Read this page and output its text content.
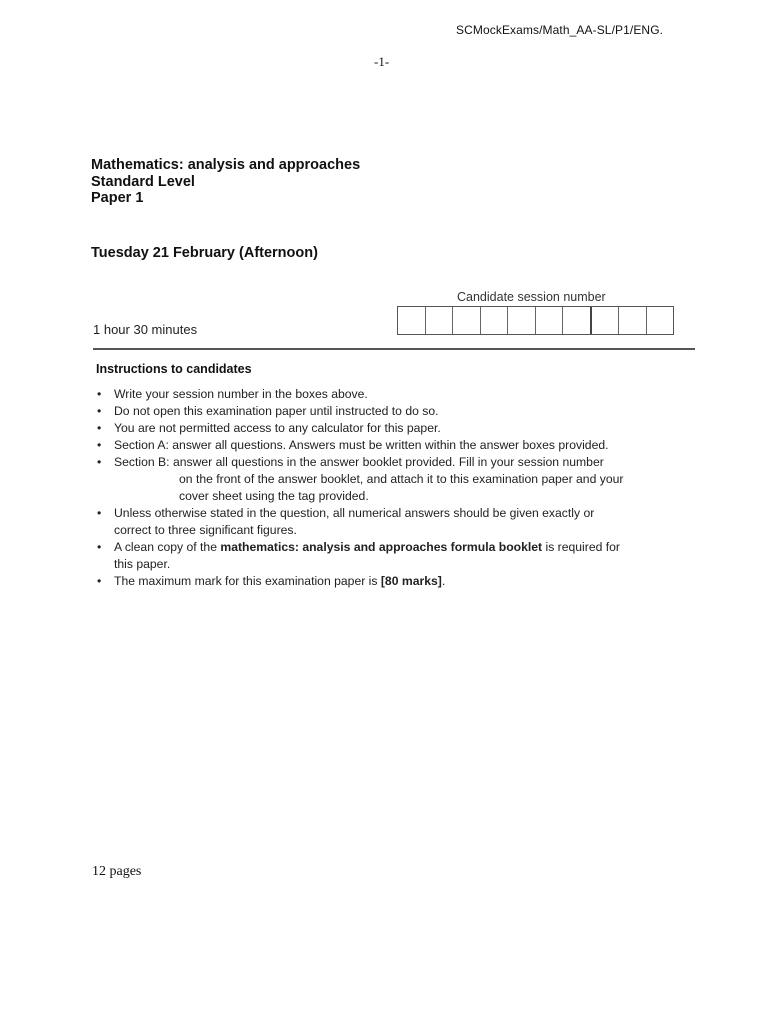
SCMockExams/Math_AA-SL/P1/ENG.
-1-
Mathematics: analysis and approaches
Standard Level
Paper 1
Tuesday 21 February (Afternoon)
Candidate session number
1 hour 30 minutes
Instructions to candidates
• Write your session number in the boxes above.
• Do not open this examination paper until instructed to do so.
• You are not permitted access to any calculator for this paper.
• Section A: answer all questions. Answers must be written within the answer boxes provided.
• Section B: answer all questions in the answer booklet provided. Fill in your session number
on the front of the answer booklet, and attach it to this examination paper and your
cover sheet using the tag provided.
• Unless otherwise stated in the question, all numerical answers should be given exactly or
correct to three significant figures.
• A clean copy of the mathematics: analysis and approaches formula booklet is required for
this paper.
• The maximum mark for this examination paper is [80 marks].
12 pages
